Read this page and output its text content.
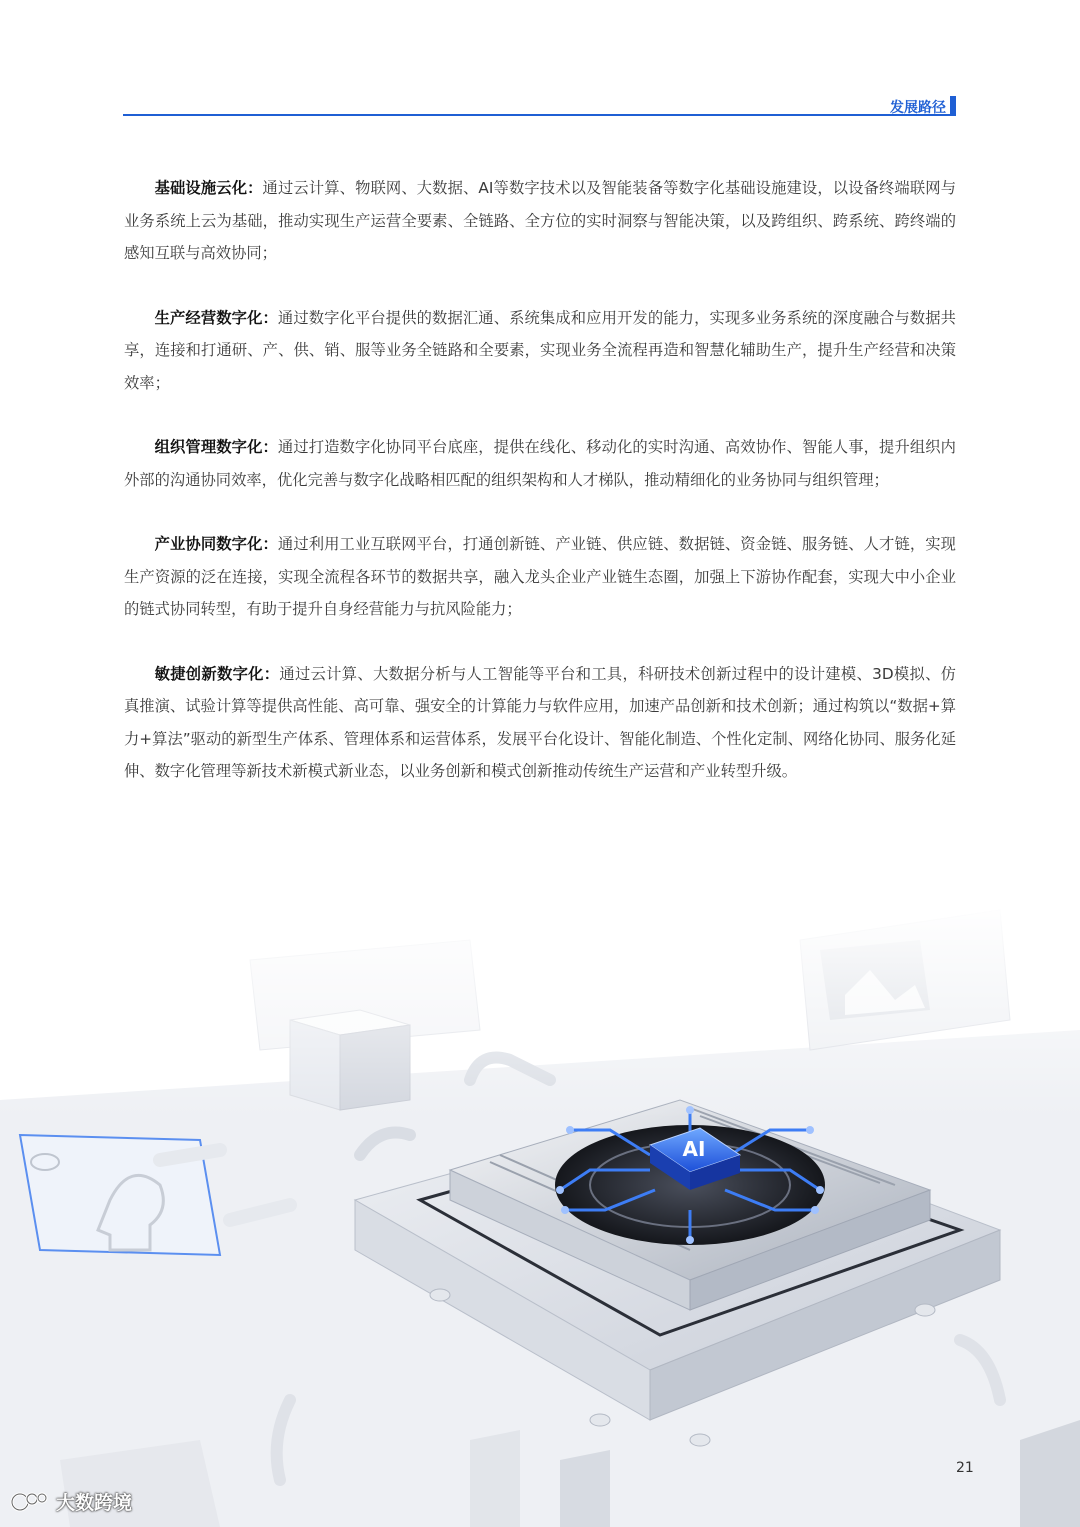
发展路径

基础设施云化：通过云计算、物联网、大数据、AI等数字技术以及智能装备等数字化基础设施建设，以设备终端联网与业务系统上云为基础，推动实现生产运营全要素、全链路、全方位的实时洞察与智能决策，以及跨组织、跨系统、跨终端的感知互联与高效协同；

生产经营数字化：通过数字化平台提供的数据汇通、系统集成和应用开发的能力，实现多业务系统的深度融合与数据共享，连接和打通研、产、供、销、服等业务全链路和全要素，实现业务全流程再造和智慧化辅助生产，提升生产经营和决策效率；

组织管理数字化：通过打造数字化协同平台底座，提供在线化、移动化的实时沟通、高效协作、智能人事，提升组织内外部的沟通协同效率，优化完善与数字化战略相匹配的组织架构和人才梯队，推动精细化的业务协同与组织管理；

产业协同数字化：通过利用工业互联网平台，打通创新链、产业链、供应链、数据链、资金链、服务链、人才链，实现生产资源的泛在连接，实现全流程各环节的数据共享，融入龙头企业产业链生态圈，加强上下游协作配套，实现大中小企业的链式协同转型，有助于提升自身经营能力与抗风险能力；

敏捷创新数字化：通过云计算、大数据分析与人工智能等平台和工具，科研技术创新过程中的设计建模、3D模拟、仿真推演、试验计算等提供高性能、高可靠、强安全的计算能力与软件应用，加速产品创新和技术创新；通过构筑以“数据+算力+算法”驱动的新型生产体系、管理体系和运营体系，发展平台化设计、智能化制造、个性化定制、网络化协同、服务化延伸、数字化管理等新技术新模式新业态，以业务创新和模式创新推动传统生产运营和产业转型升级。

21
大数跨境
